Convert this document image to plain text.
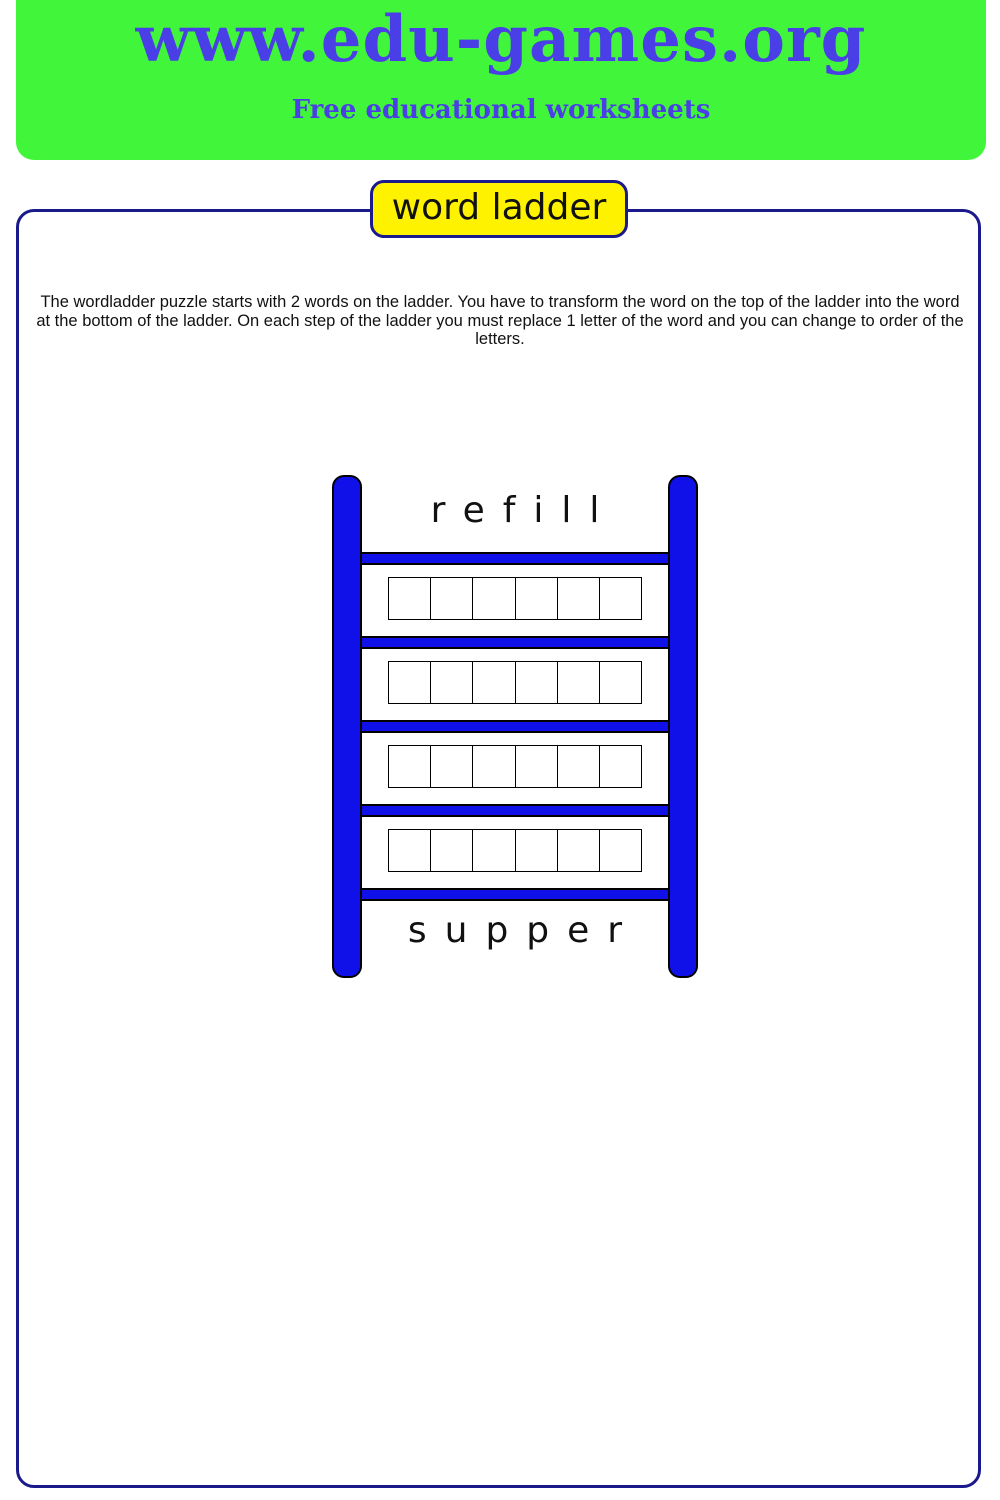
www.edu-games.org
Free educational worksheets
word ladder
The wordladder puzzle starts with 2 words on the ladder. You have to transform the word on the top of the ladder into the word at the bottom of the ladder. On each step of the ladder you must replace 1 letter of the word and you can change to order of the letters.
refill
supper
